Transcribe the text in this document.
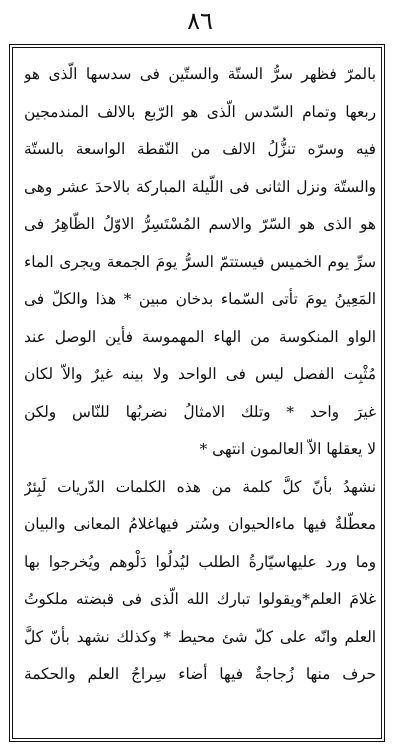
٨٦
بالمرّ فظهر سرُّ الستّة والستّين فى سدسها الّذى هو
ربعها وتمام السّدس الّذى هو الرّبع بالالف المندمجين
فيه وسرّه تنزُّلُ الالف من النّقطة الواسعة بالستّة
والستّة ونزل الثانى فى اللّيلة المباركة بالاحدَ عشر وهى
هو الذى هو السّرّ والاسم المُسْتَسِرُّ الاوّلُ الظّاهِرُ فى
سرِّ يوم الخميس فيستتمّ السرُّ يومَ الجمعة ويجرى الماء
المَعِينُ يومَ تأتى السّماء بدخان مبين * هذا والكلّ فى
الواو المنكوسة من الهاء المهموسة فأين الوصل عند
مُثْبِت الفصل ليس فى الواحد ولا بينه غيرٌ والاّ لكان
غيرَ واحد * وتلك الامثالُ نضربُها للنّاس ولكن
لا يعقلها الاّ العالمون انتهى *
نشهدُ بأنّ كلَّ كلمة من هذه الكلمات الدّريات لَبِئرٌ
معطّلةٌ فيها ماءالحيوان وسُتر فيهاغلامُ المعانى والبيان
وما ورد عليهاسيّارةُ الطلب ليُدلُوا دَلْوهم ويُخرجوا بها
غلامَ العلم*ويقولوا تبارك الله الّذى فى قبضته ملكوتُ
العلم وانّه على كلّ شئ محيط * وكذلك نشهد بأنّ كلَّ
حرف منها زُجاجةٌ فيها أضاء سِراجُ العلم والحكمة
